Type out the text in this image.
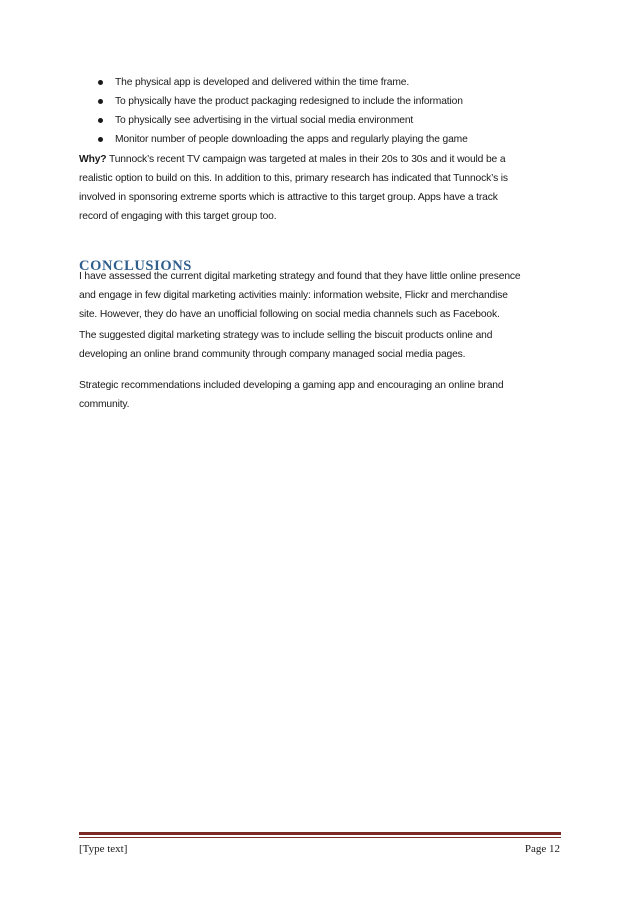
The physical app is developed and delivered within the time frame.
To physically have the product packaging redesigned to include the information
To physically see advertising in the virtual social media environment
Monitor number of people downloading the apps and regularly playing the game

Why? Tunnock’s recent TV campaign was targeted at males in their 20s to 30s and it would be a
realistic option to build on this. In addition to this, primary research has indicated that Tunnock’s is
involved in sponsoring extreme sports which is attractive to this target group. Apps have a track
record of engaging with this target group too.

CONCLUSIONS

I have assessed the current digital marketing strategy and found that they have little online presence
and engage in few digital marketing activities mainly: information website, Flickr and merchandise
site. However, they do have an unofficial following on social media channels such as Facebook.

The suggested digital marketing strategy was to include selling the biscuit products online and
developing an online brand community through company managed social media pages.

Strategic recommendations included developing a gaming app and encouraging an online brand
community.

[Type text]	Page 12
